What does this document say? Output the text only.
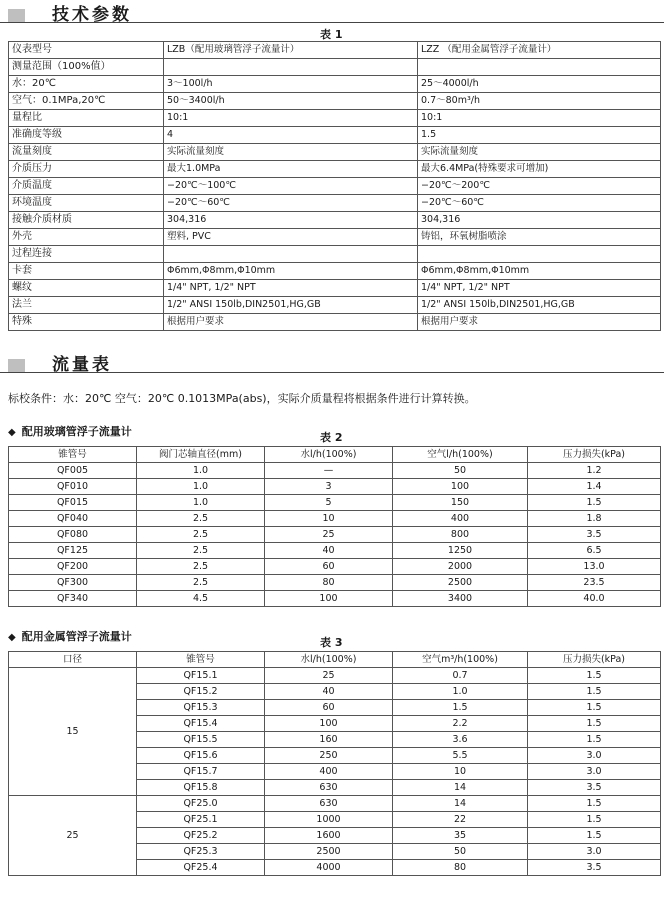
技术参数
表 1
仪表型号	LZB（配用玻璃管浮子流量计）	LZZ （配用金属管浮子流量计）
测量范围（100%值）		
水：20℃	3～100l/h	25～4000l/h
空气：0.1MPa,20℃	50～3400l/h	0.7～80m³/h
量程比	10:1	10:1
准确度等级	4	1.5
流量刻度	实际流量刻度	实际流量刻度
介质压力	最大1.0MPa	最大6.4MPa(特殊要求可增加)
介质温度	−20℃～100℃	−20℃～200℃
环境温度	−20℃～60℃	−20℃～60℃
接触介质材质	304,316	304,316
外壳	塑料, PVC	铸铝，环氧树脂喷涂
过程连接		
卡套	Φ6mm,Φ8mm,Φ10mm	Φ6mm,Φ8mm,Φ10mm
螺纹	1/4" NPT, 1/2" NPT	1/4" NPT, 1/2" NPT
法兰	1/2" ANSI 150lb,DIN2501,HG,GB	1/2" ANSI 150lb,DIN2501,HG,GB
特殊	根据用户要求	根据用户要求
流量表
标校条件：水：20℃ 空气：20℃ 0.1013MPa(abs)，实际介质量程将根据条件进行计算转换。
◆ 配用玻璃管浮子流量计	表 2
锥管号	阀门芯轴直径(mm)	水l/h(100%)	空气l/h(100%)	压力损失(kPa)
QF005	1.0	—	50	1.2
QF010	1.0	3	100	1.4
QF015	1.0	5	150	1.5
QF040	2.5	10	400	1.8
QF080	2.5	25	800	3.5
QF125	2.5	40	1250	6.5
QF200	2.5	60	2000	13.0
QF300	2.5	80	2500	23.5
QF340	4.5	100	3400	40.0
◆ 配用金属管浮子流量计	表 3
口径	锥管号	水l/h(100%)	空气m³/h(100%)	压力损失(kPa)
15	QF15.1	25	0.7	1.5
	QF15.2	40	1.0	1.5
	QF15.3	60	1.5	1.5
	QF15.4	100	2.2	1.5
	QF15.5	160	3.6	1.5
	QF15.6	250	5.5	3.0
	QF15.7	400	10	3.0
	QF15.8	630	14	3.5
25	QF25.0	630	14	1.5
	QF25.1	1000	22	1.5
	QF25.2	1600	35	1.5
	QF25.3	2500	50	3.0
	QF25.4	4000	80	3.5
